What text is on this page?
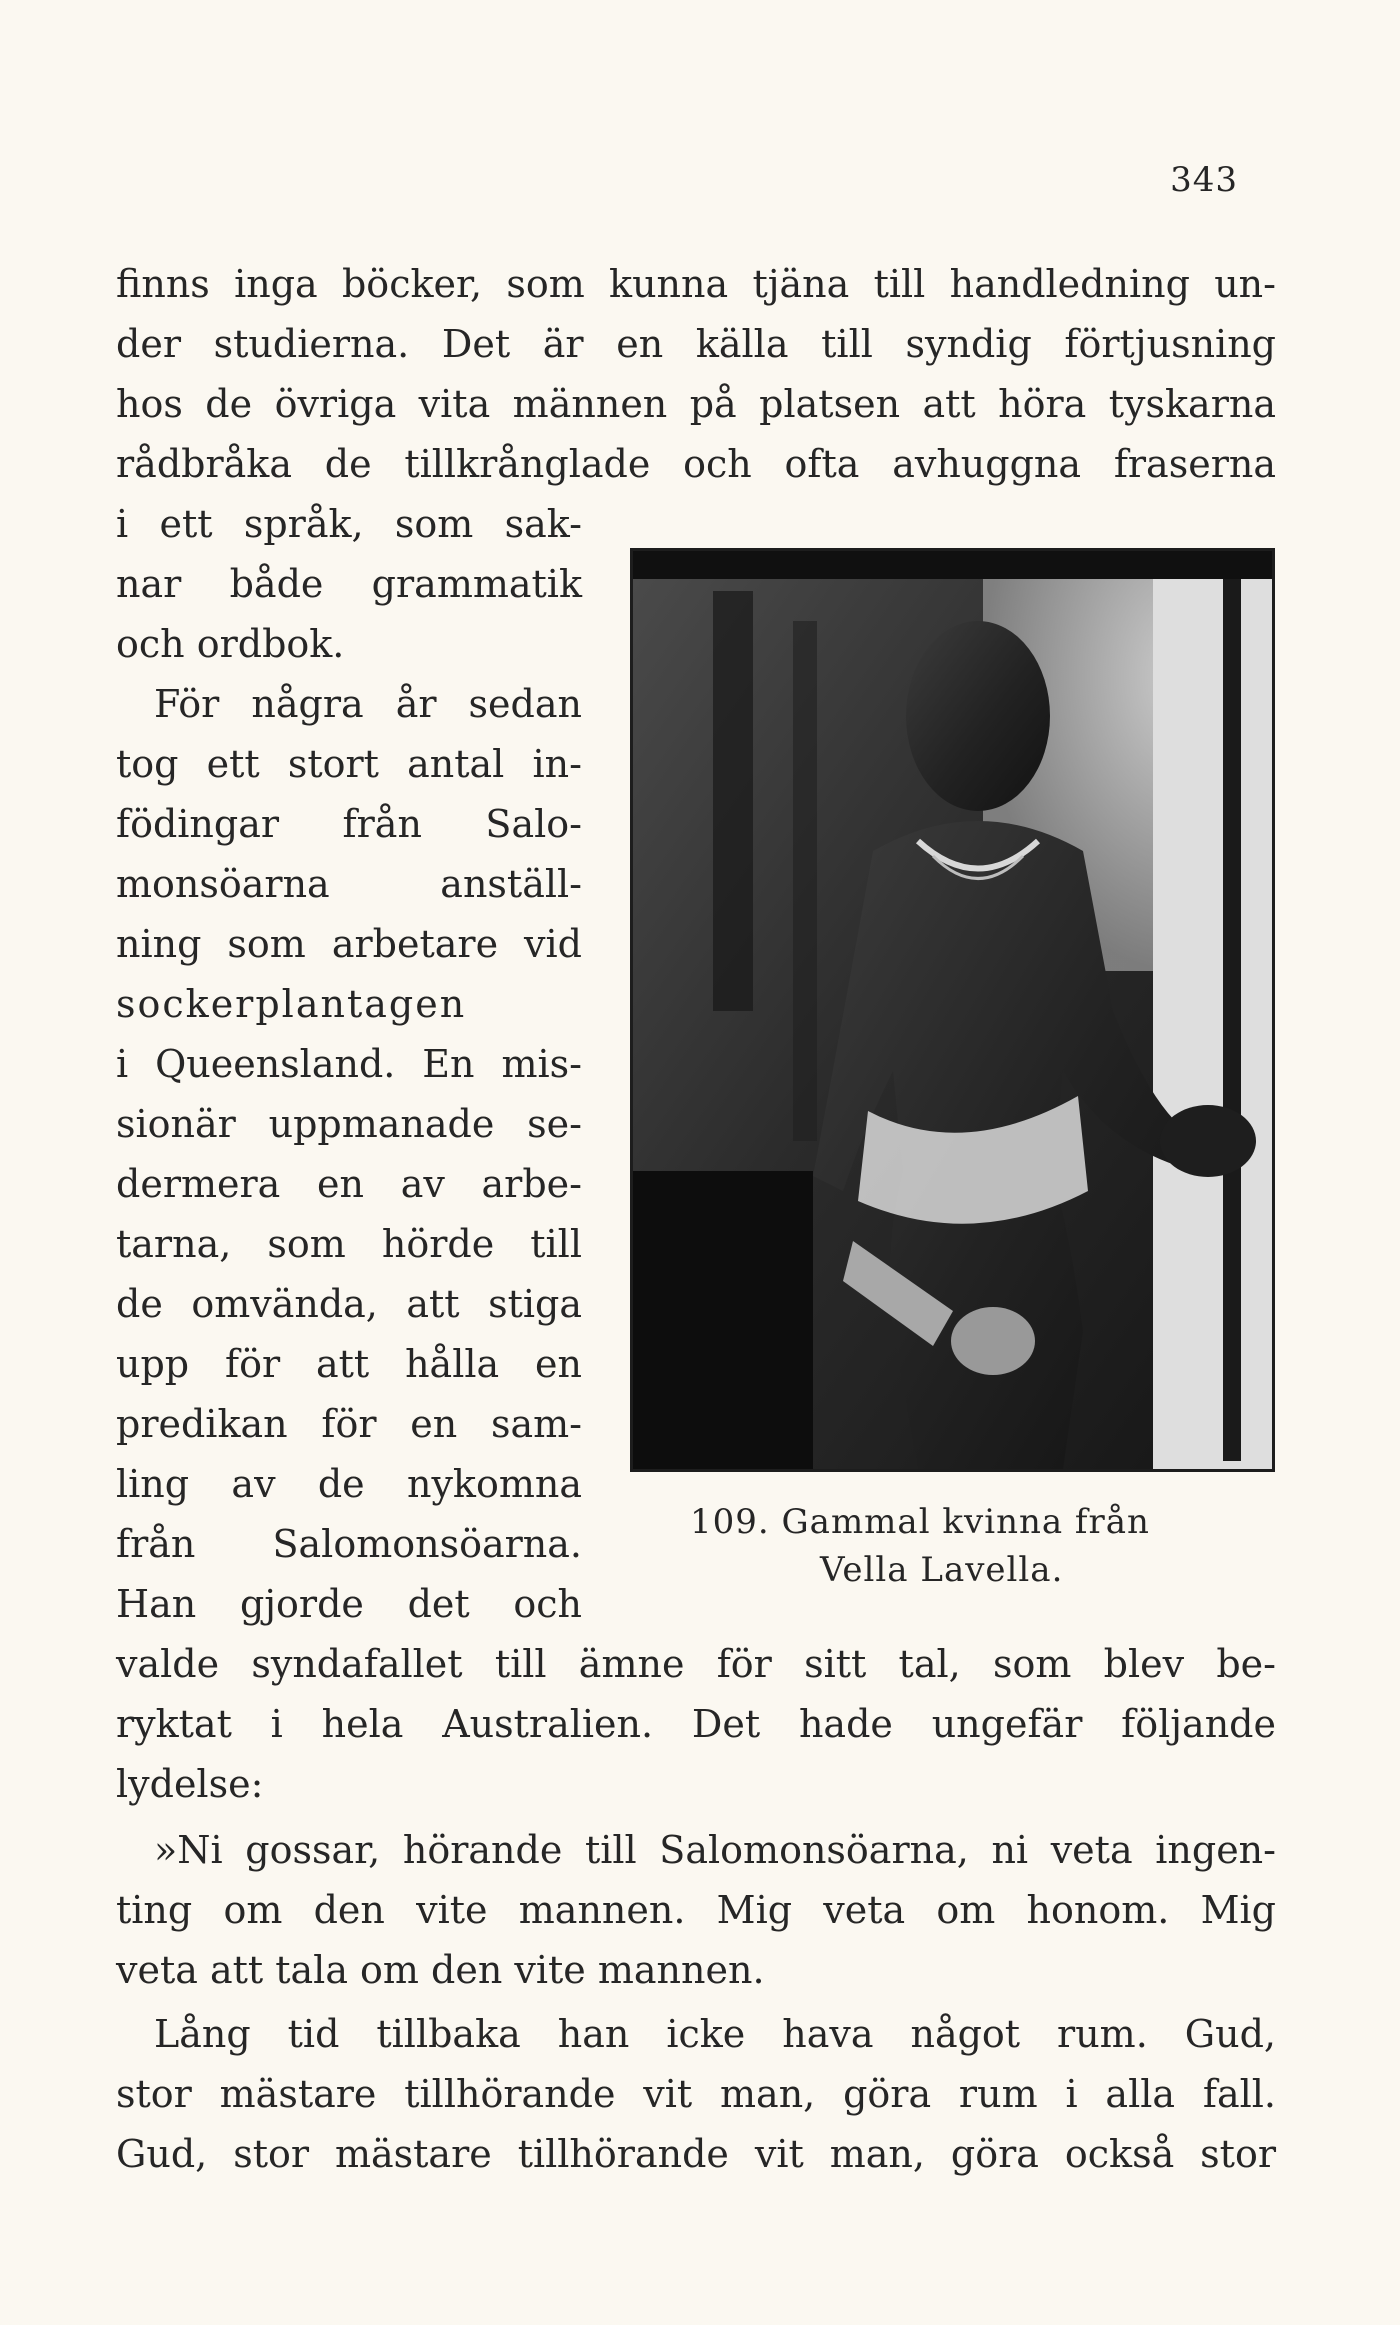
343
finns inga böcker, som kunna tjäna till handledning un-
der studierna. Det är en källa till syndig förtjusning
hos de övriga vita männen på platsen att höra tyskarna
rådbråka de tillkrånglade och ofta avhuggna fraserna
i ett språk, som sak-
nar både grammatik
och ordbok.
För några år sedan
tog ett stort antal in-
födingar från Salo-
monsöarna anställ-
ning som arbetare vid
sockerplantagen
i Queensland. En mis-
sionär uppmanade se-
dermera en av arbe-
tarna, som hörde till
de omvända, att stiga
upp för att hålla en
predikan för en sam-
ling av de nykomna
från Salomonsöarna.
Han gjorde det och
valde syndafallet till ämne för sitt tal, som blev be-
ryktat i hela Australien. Det hade ungefär följande
lydelse:
»Ni gossar, hörande till Salomonsöarna, ni veta ingen-
ting om den vite mannen. Mig veta om honom. Mig
veta att tala om den vite mannen.
Lång tid tillbaka han icke hava något rum. Gud,
stor mästare tillhörande vit man, göra rum i alla fall.
Gud, stor mästare tillhörande vit man, göra också stor
109. Gammal kvinna från
Vella Lavella.
